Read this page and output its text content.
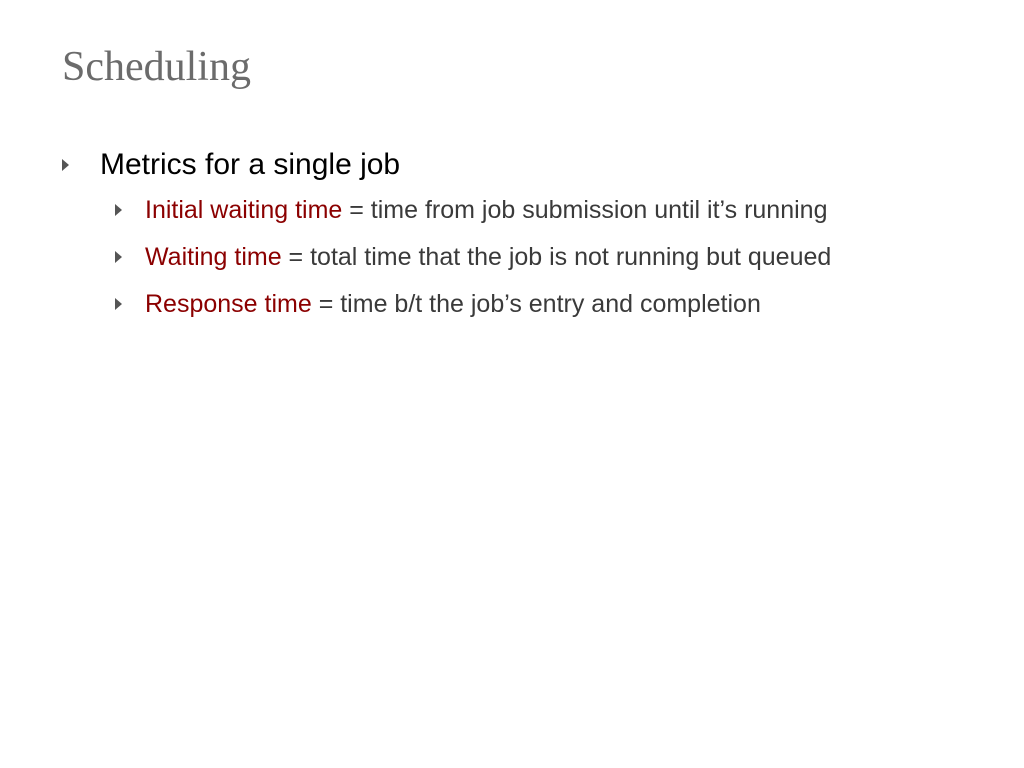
Scheduling
Metrics for a single job
Initial waiting time = time from job submission until it’s running
Waiting time = total time that the job is not running but queued
Response time = time b/t the job’s entry and completion
